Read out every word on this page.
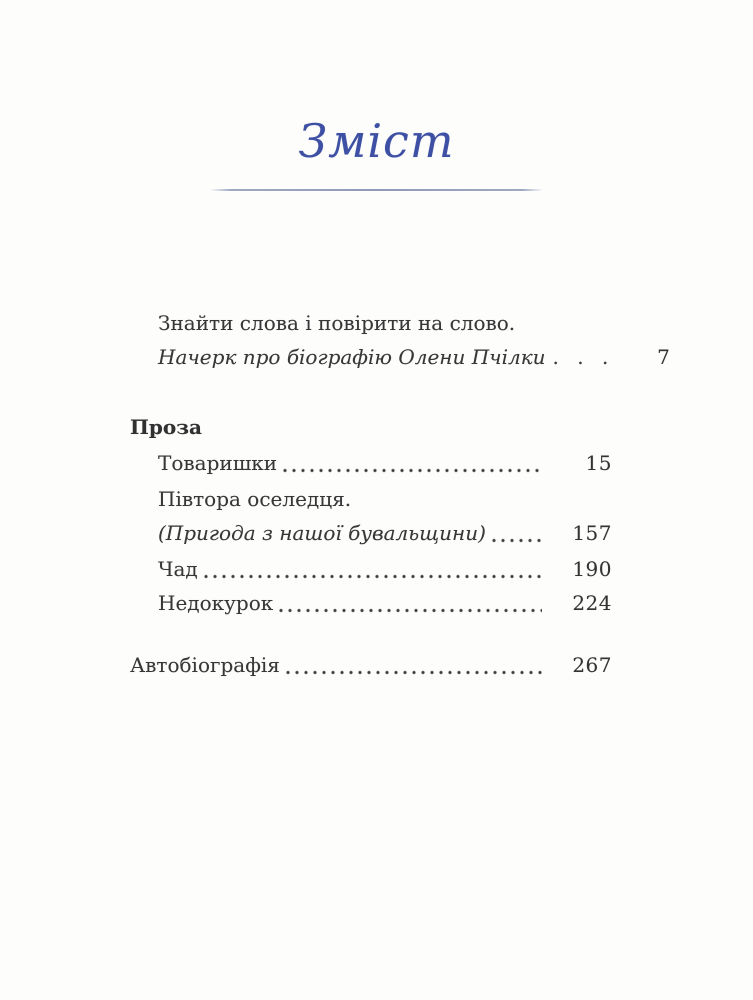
Зміст
Знайти слова і повірити на слово.
Начерк про біографію Олени Пчілки . . .	7
Проза
Товаришки	15
Півтора оселедця.
(Пригода з нашої бувальщини)	157
Чад	190
Недокурок	224
Автобіографія	267
